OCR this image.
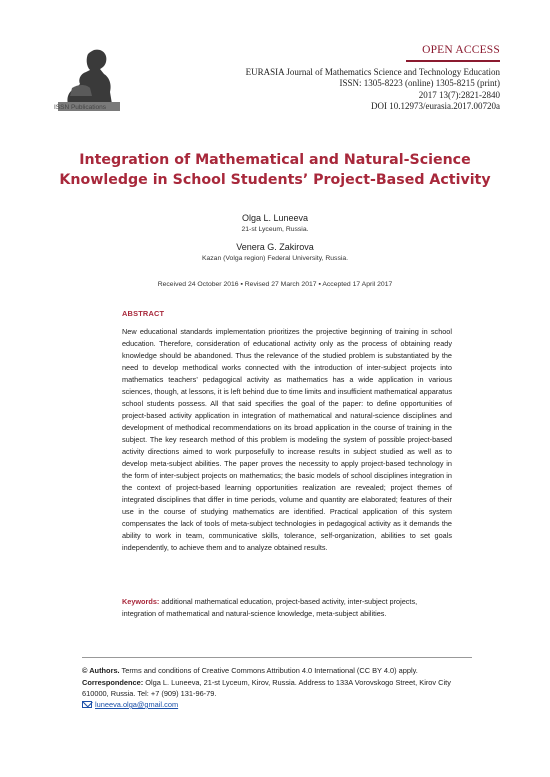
ISSN Publications
OPEN ACCESS
EURASIA Journal of Mathematics Science and Technology Education
ISSN: 1305-8223 (online) 1305-8215 (print)
2017 13(7):2821-2840
DOI 10.12973/eurasia.2017.00720a
Integration of Mathematical and Natural-Science
Knowledge in School Students’ Project-Based Activity
Olga L. Luneeva
21-st Lyceum, Russia.
Venera G. Zakirova
Kazan (Volga region) Federal University, Russia.
Received 24 October 2016 ▪ Revised 27 March 2017 ▪ Accepted 17 April 2017
ABSTRACT
New educational standards implementation prioritizes the projective beginning of training in school education. Therefore, consideration of educational activity only as the process of obtaining ready knowledge should be abandoned. Thus the relevance of the studied problem is substantiated by the need to develop methodical works connected with the introduction of inter-subject projects into mathematics teachers’ pedagogical activity as mathematics has a wide application in various sciences, though, at lessons, it is left behind due to time limits and insufficient mathematical apparatus school students possess. All that said specifies the goal of the paper: to define opportunities of project-based activity application in integration of mathematical and natural-science disciplines and development of methodical recommendations on its broad application in the course of training in the subject. The key research method of this problem is modeling the system of possible project-based activity directions aimed to work purposefully to increase results in subject studied as well as to develop meta-subject abilities. The paper proves the necessity to apply project-based technology in the form of inter-subject projects on mathematics; the basic models of school disciplines integration in the context of project-based learning opportunities realization are revealed; project themes of integrated disciplines that differ in time periods, volume and quantity are elaborated; features of their use in the course of studying mathematics are identified. Practical application of this system compensates the lack of tools of meta-subject technologies in pedagogical activity as it demands the ability to work in team, communicative skills, tolerance, self-organization, abilities to set goals independently, to achieve them and to analyze obtained results.
Keywords: additional mathematical education, project-based activity, inter-subject projects, integration of mathematical and natural-science knowledge, meta-subject abilities.
© Authors. Terms and conditions of Creative Commons Attribution 4.0 International (CC BY 4.0) apply.
Correspondence: Olga L. Luneeva, 21-st Lyceum, Kirov, Russia. Address to 133A Vorovskogo Street, Kirov City 610000, Russia. Tel: +7 (909) 131-96-79.
luneeva.olga@gmail.com
